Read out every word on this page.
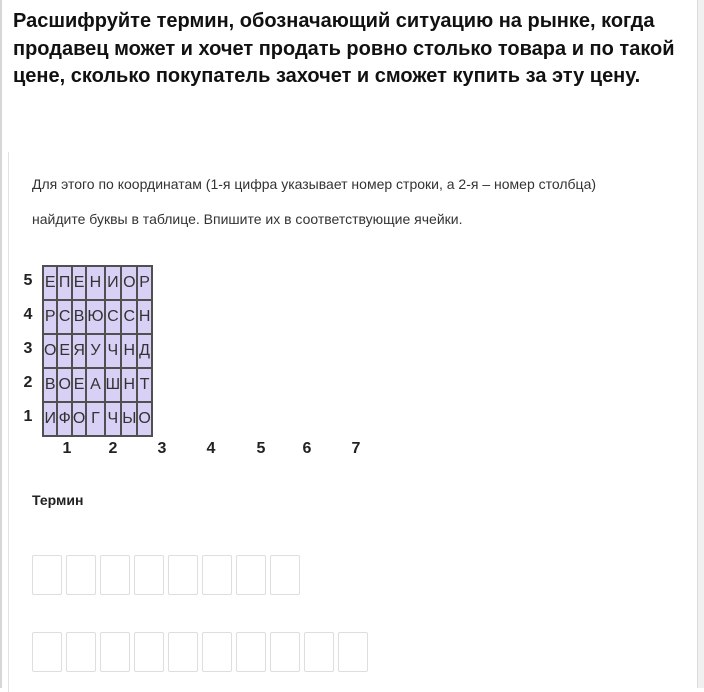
Расшифруйте термин, обозначающий ситуацию на рынке, когда продавец может и хочет продать ровно столько товара и по такой цене, сколько покупатель захочет и сможет купить за эту цену.
Для этого по координатам (1-я цифра указывает номер строки, а 2-я – номер столбца)
найдите буквы в таблице. Впишите их в соответствующие ячейки.
5
4
3
2
1
Е	П	Е	Н	И	О	Р
Р	С	В	Ю	С	С	Н
О	Е	Я	У	Ч	Н	Д
В	О	Е	А	Ш	Н	Т
И	Ф	О	Г	Ч	Ы	О
1	2	3	4	5	6	7
Термин
